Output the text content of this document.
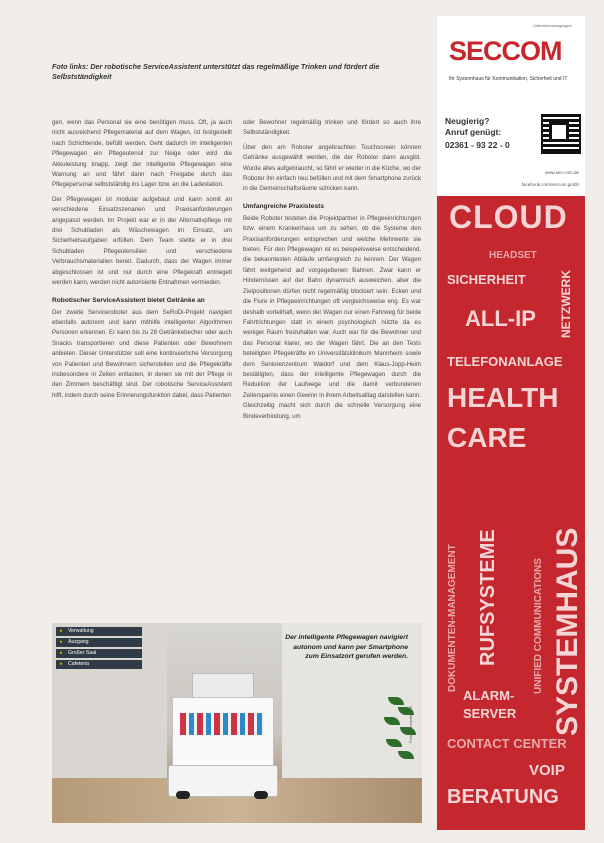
Foto links: Der robotische ServiceAssistent unterstützt das regelmäßige Trinken und fördert die Selbstständigkeit

gen, wenn das Personal sie eine benötigen muss. Oft, ja auch nicht ausreichend Pflegematerial auf dem Wagen, ist festgestellt nach Schichtende, befüllt werden. Geht dadurch im intelligenten Pflegewagen ein Pflegeutensil zur Neige oder wird die Akkuleistung knapp, zeigt der intelligente Pflegewagen eine Warnung an und fährt dann nach Freigabe durch das Pflegepersonal selbstständig ins Lager bzw. an die Ladestation.

Der Pflegewagen ist modular aufgebaut und kann somit an verschiedene Einsatzszenarien und Praxisanforderungen angepasst werden. Im Projekt war er in der Alternativpflege mit drei Schubladen als Wäschewagen im Einsatz, um Sicherheitsaufgaben erfüllen. Dem Team stellte er in drei Schubladen Pflegeutensilien und verschiedene Verbrauchsmaterialien bereit. Dadurch, dass der Wagen immer abgeschlossen ist und nur durch eine Pflegekraft entriegelt werden kann, werden nicht autorisierte Entnahmen vermieden.

Robotischer ServiceAssistent bietet Getränke an

Der zweite Serviceroboter aus dem SeRoDi-Projekt navigiert ebenfalls autonom und kann mithilfe intelligenter Algorithmen Personen erkennen. Er kann bis zu 28 Getränkebecher oder auch Snacks transportieren und diese Patienten oder Bewohnern anbieten. Dieser Unterstützer soll eine kontinuierliche Versorgung von Patienten und Bewohnern sicherstellen und die Pflegekräfte insbesondere in Zeiten entlasten, in denen sie mit der Pflege in den Zimmern beschäftigt sind. Der robotische ServiceAssistent hilft, indem durch seine Erinnerungsfunktion dabei, dass Patienten

oder Bewohner regelmäßig trinken und fördert so auch ihre Selbstständigkeit.

Über den am Roboter angebrachten Touchscreen können Getränke ausgewählt werden, die der Roboter dann ausgibt. Wurde alles aufgebraucht, so fährt er wieder in die Küche, wo der Roboter ihn einfach neu befüllen und mit dem Smartphone zurück in die Gemeinschaftsräume schicken kann.

Umfangreiche Praxistests

Beide Roboter testeten die Projektpartner in Pflegeeinrichtungen bzw. einem Krankenhaus um zu sehen, ob die Systeme den Praxisanforderungen entsprechen und welche Mehrwerte sie bieten. Für den Pflegewagen ist es beispielsweise entscheidend, die bekanntesten Abläufe umfangreich zu kennen. Der Wagen fährt weitgehend auf vorgegebenen Bahnen. Zwar kann er Hindernissen auf der Bahn dynamisch ausweichen, aber die Zielpositionen dürfen nicht regelmäßig blockiert sein. Ecken und die Flure in Pflegeeinrichtungen oft vergleichsweise eng. Es war deshalb vorteilhaft, wenn der Wagen nur einen Fahrweg für beide Fahrtrichtungen statt in einem psychologisch nützte da es weniger Raum freizuhalten war. Auch war für die Bewohner und das Personal klarer, wo der Wagen fährt. Die an den Tests beteiligten Pflegekräfte im Universitätsklinikum Mannheim sowie dem Seniorenzentrum Waldorf und dem Klaus-Jopp-Heim bestätigten, dass der intelligente Pflegewagen durch die Reduktion der Laufwege und die damit verbundenen Zeitersparnis einen Gewinn in ihrem Arbeitsalltag darstellen kann. Gleichzeitig macht sich durch die schnelle Versorgung eine Bindeverbindung, um

▸ Verwaltung
▸ Ausgang
▸ Großer Saal
▸ Cafeteria
Der intelligente Pflegewagen navigiert autonom und kann per Smartphone zum Einsatzort gerufen werden.
Foto: Fraunhofer IPA
Unternehmensgruppe
SECCOM
Ihr Systemhaus für Kommunikation, Sicherheit und IT
Neugierig?
Anruf genügt:
02361 - 93 22 - 0
www.sec-com.de
facebook.com/seccom.gmbh
CLOUD
HEADSET
SICHERHEIT	NETZWERK
ALL-IP
TELEFONANLAGE
HEALTH
CARE
RUFSYSTEME
DOKUMENTEN-MANAGEMENT	UNIFIED COMMUNICATIONS SYSTEMHAUS
ALARM-
SERVER
CONTACT CENTER
VOIP
BERATUNG
